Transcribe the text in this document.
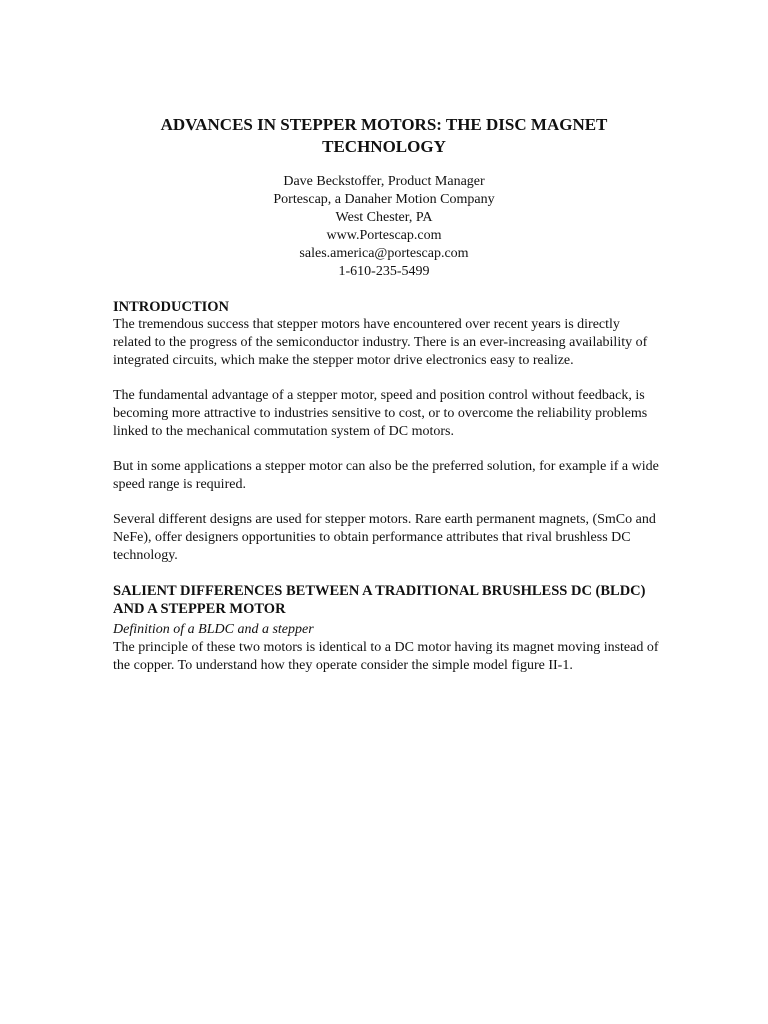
ADVANCES IN STEPPER MOTORS: THE DISC MAGNET TECHNOLOGY
Dave Beckstoffer, Product Manager
Portescap, a Danaher Motion Company
West Chester, PA
www.Portescap.com
sales.america@portescap.com
1-610-235-5499
INTRODUCTION

The tremendous success that stepper motors have encountered over recent years is directly related to the progress of the semiconductor industry. There is an ever-increasing availability of integrated circuits, which make the stepper motor drive electronics easy to realize.

The fundamental advantage of a stepper motor, speed and position control without feedback, is becoming more attractive to industries sensitive to cost, or to overcome the reliability problems linked to the mechanical commutation system of DC motors.

But in some applications a stepper motor can also be the preferred solution, for example if a wide speed range is required.

Several different designs are used for stepper motors. Rare earth permanent magnets, (SmCo and NeFe), offer designers opportunities to obtain performance attributes that rival brushless DC technology.

SALIENT DIFFERENCES BETWEEN A TRADITIONAL BRUSHLESS DC (BLDC) AND A STEPPER MOTOR

Definition of a BLDC and a stepper

The principle of these two motors is identical to a DC motor having its magnet moving instead of the copper. To understand how they operate consider the simple model figure II-1.
